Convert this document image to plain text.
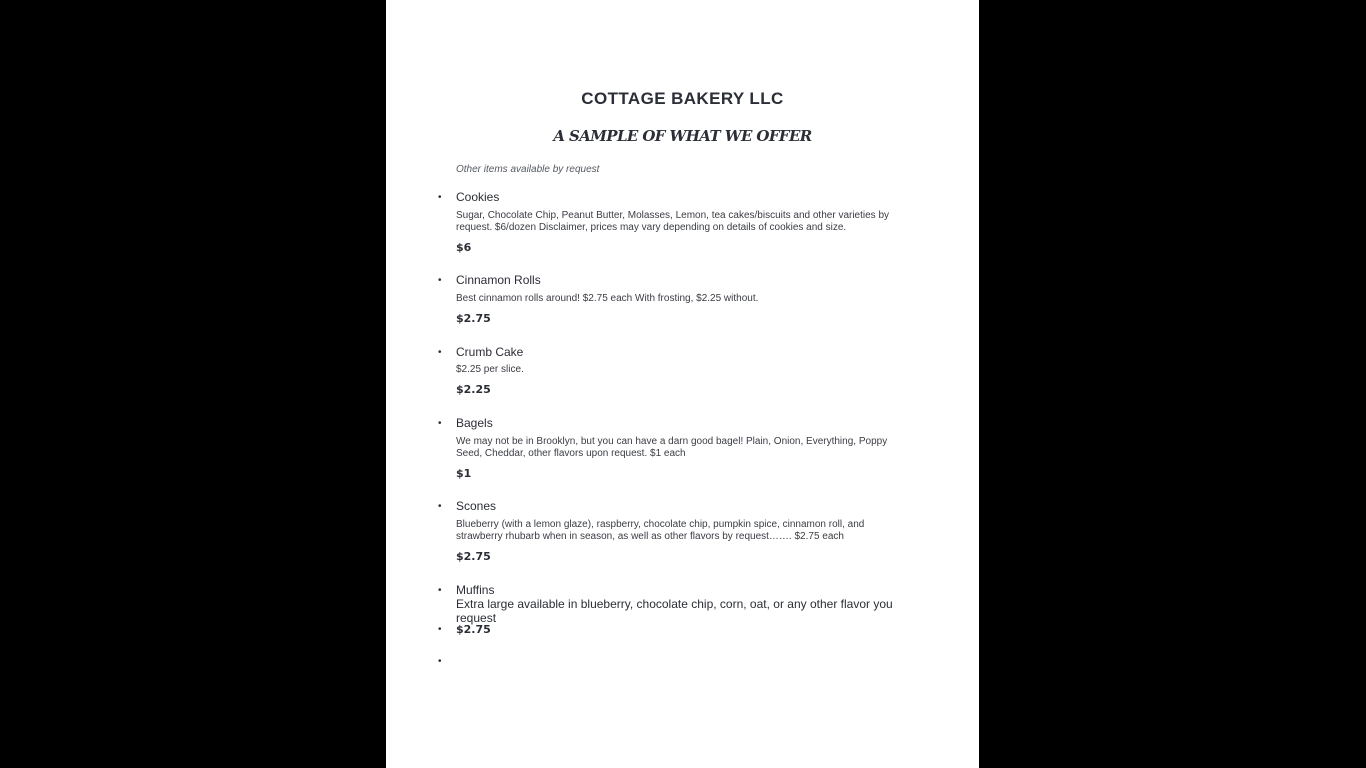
COTTAGE BAKERY LLC
A SAMPLE OF WHAT WE OFFER

Other items available by request

• Cookies

Sugar, Chocolate Chip, Peanut Butter, Molasses, Lemon, tea cakes/biscuits and other varieties by request. $6/dozen Disclaimer, prices may vary depending on details of cookies and size.

$6

• Cinnamon Rolls

Best cinnamon rolls around! $2.75 each With frosting, $2.25 without.

$2.75

• Crumb Cake

$2.25 per slice.

$2.25

• Bagels

We may not be in Brooklyn, but you can have a darn good bagel! Plain, Onion, Everything, Poppy Seed, Cheddar, other flavors upon request. $1 each

$1

• Scones

Blueberry (with a lemon glaze), raspberry, chocolate chip, pumpkin spice, cinnamon roll, and strawberry rhubarb when in season, as well as other flavors by request……. $2.75 each

$2.75

• Muffins

Extra large available in blueberry, chocolate chip, corn, oat, or any other flavor you request

• $2.75
•
